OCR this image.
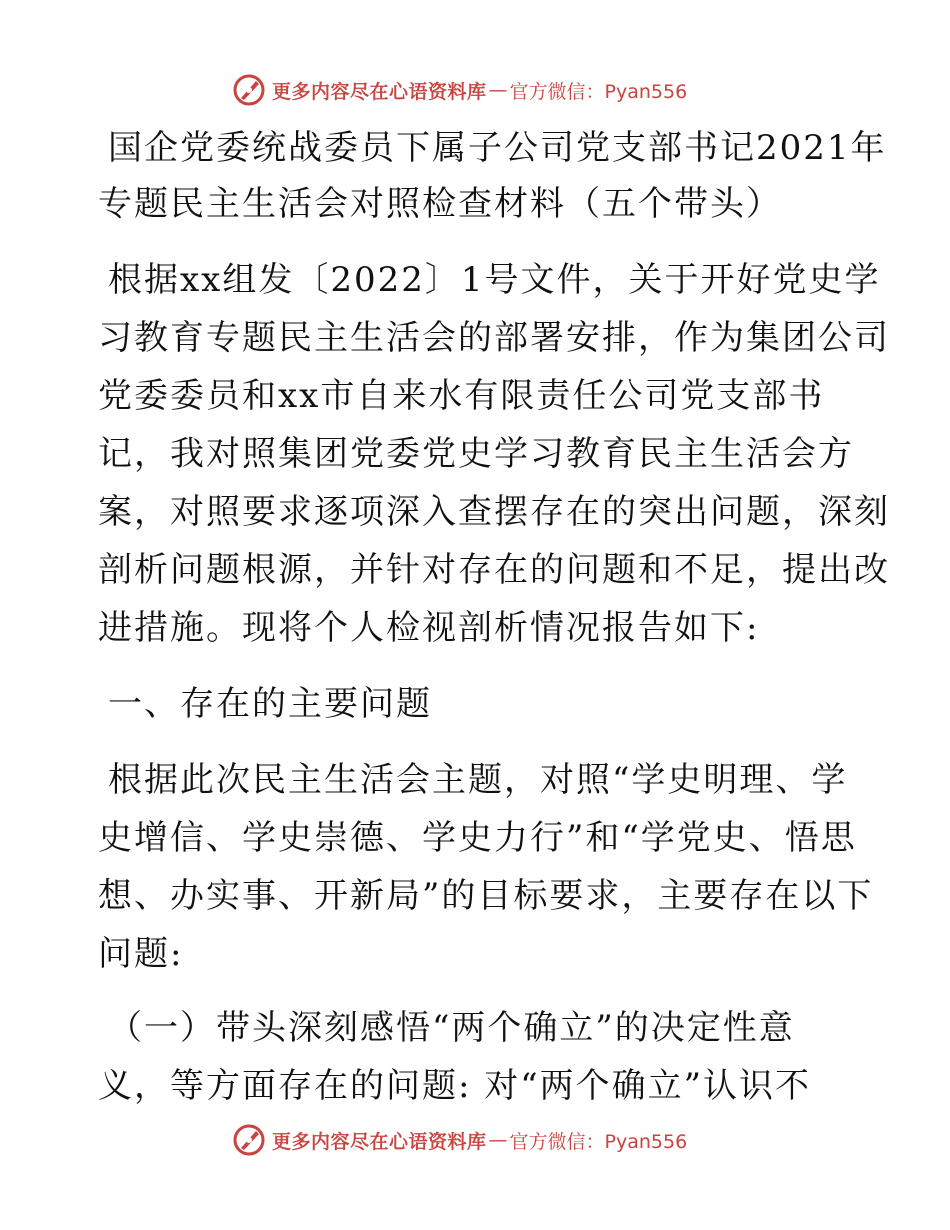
更多内容尽在心语资料库 — 官方微信：Pyan556
国企党委统战委员下属子公司党支部书记2021年
专题民主生活会对照检查材料（五个带头）
根据xx组发〔2022〕1号文件，关于开好党史学
习教育专题民主生活会的部署安排，作为集团公司
党委委员和xx市自来水有限责任公司党支部书
记，我对照集团党委党史学习教育民主生活会方
案，对照要求逐项深入查摆存在的突出问题，深刻
剖析问题根源，并针对存在的问题和不足，提出改
进措施。现将个人检视剖析情况报告如下:
一、存在的主要问题
根据此次民主生活会主题，对照“学史明理、学
史增信、学史崇德、学史力行”和“学党史、悟思
想、办实事、开新局”的目标要求，主要存在以下
问题:
（一）带头深刻感悟“两个确立”的决定性意
义，等方面存在的问题: 对“两个确立”认识不
更多内容尽在心语资料库 — 官方微信：Pyan556
